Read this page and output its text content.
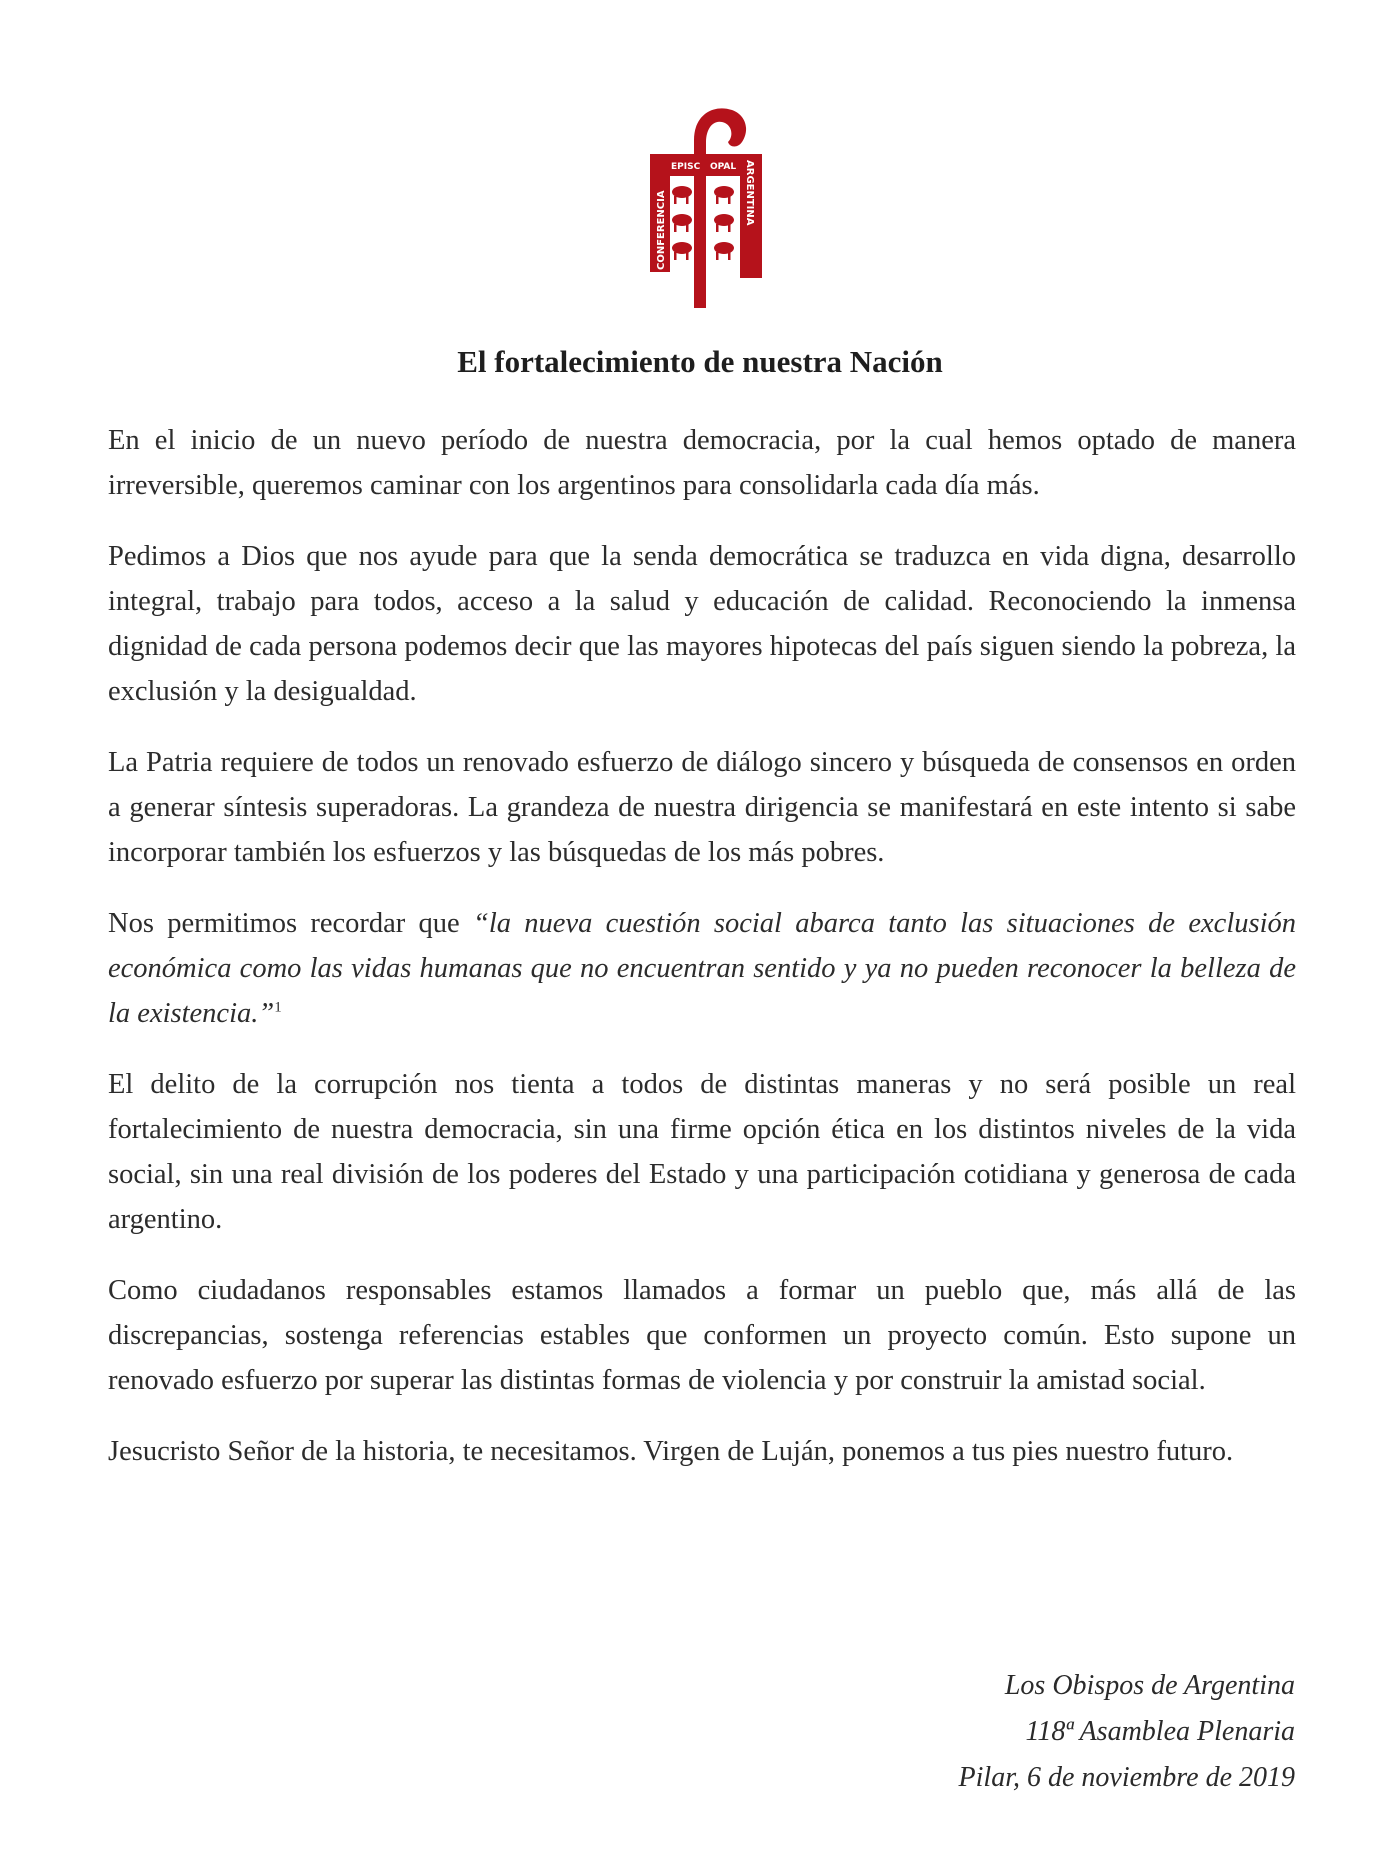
CONFERENCIA
EPISC OPAL ARGENTINA
El fortalecimiento de nuestra Nación

En el inicio de un nuevo período de nuestra democracia, por la cual hemos optado de manera irreversible, queremos caminar con los argentinos para consolidarla cada día más.

Pedimos a Dios que nos ayude para que la senda democrática se traduzca en vida digna, desarrollo integral, trabajo para todos, acceso a la salud y educación de calidad. Reconociendo la inmensa dignidad de cada persona podemos decir que las mayores hipotecas del país siguen siendo la pobreza, la exclusión y la desigualdad.

La Patria requiere de todos un renovado esfuerzo de diálogo sincero y búsqueda de consensos en orden a generar síntesis superadoras. La grandeza de nuestra dirigencia se manifestará en este intento si sabe incorporar también los esfuerzos y las búsquedas de los más pobres.

Nos permitimos recordar que “la nueva cuestión social abarca tanto las situaciones de exclusión económica como las vidas humanas que no encuentran sentido y ya no pueden reconocer la belleza de la existencia.”$^1$

El delito de la corrupción nos tienta a todos de distintas maneras y no será posible un real fortalecimiento de nuestra democracia, sin una firme opción ética en los distintos niveles de la vida social, sin una real división de los poderes del Estado y una participación cotidiana y generosa de cada argentino.

Como ciudadanos responsables estamos llamados a formar un pueblo que, más allá de las discrepancias, sostenga referencias estables que conformen un proyecto común. Esto supone un renovado esfuerzo por superar las distintas formas de violencia y por construir la amistad social.

Jesucristo Señor de la historia, te necesitamos. Virgen de Luján, ponemos a tus pies nuestro futuro.

Los Obispos de Argentina
118ª Asamblea Plenaria
Pilar, 6 de noviembre de 2019
